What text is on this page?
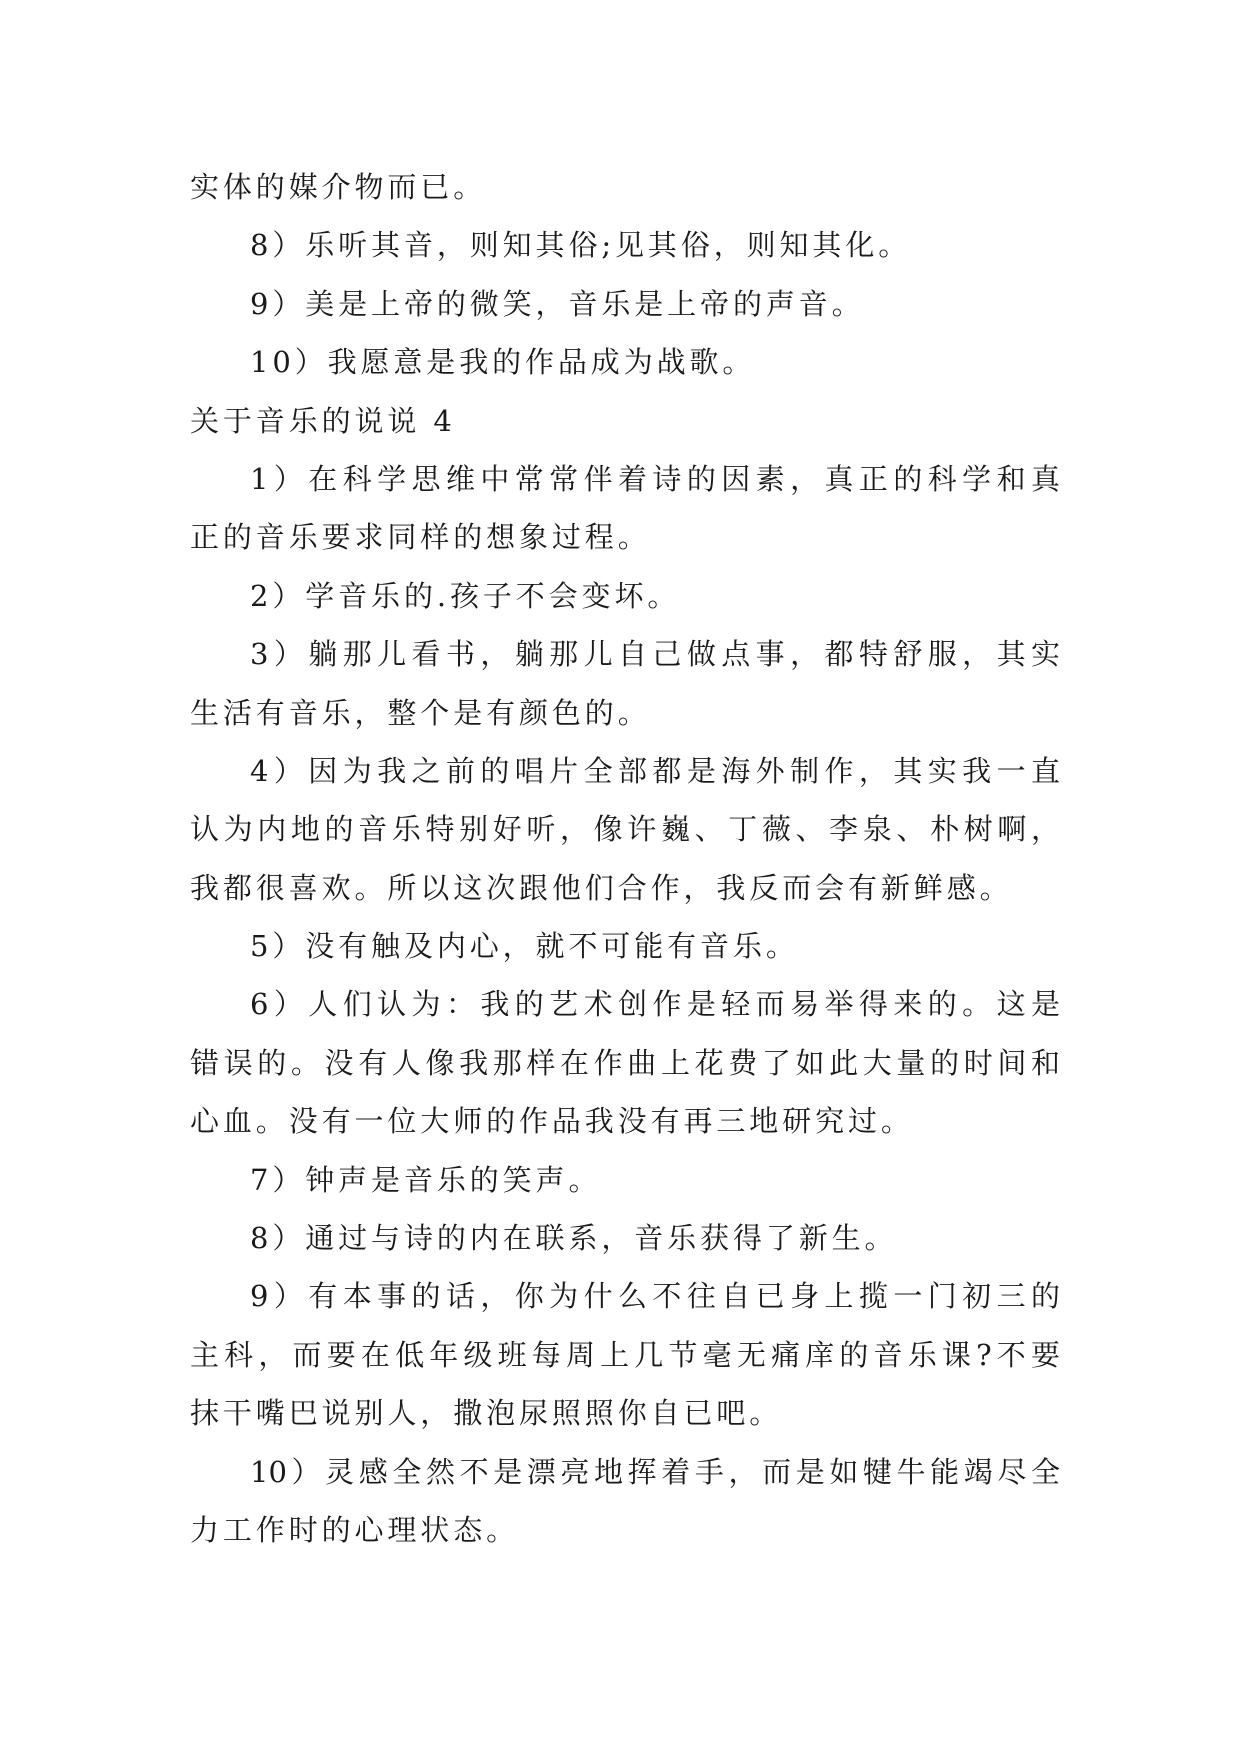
实体的媒介物而已。

8）乐听其音，则知其俗;见其俗，则知其化。

9）美是上帝的微笑，音乐是上帝的声音。

10）我愿意是我的作品成为战歌。

关于音乐的说说 4

1）在科学思维中常常伴着诗的因素，真正的科学和真

正的音乐要求同样的想象过程。

2）学音乐的.孩子不会变坏。

3）躺那儿看书，躺那儿自己做点事，都特舒服，其实

生活有音乐，整个是有颜色的。

4）因为我之前的唱片全部都是海外制作，其实我一直

认为内地的音乐特别好听，像许巍、丁薇、李泉、朴树啊，

我都很喜欢。所以这次跟他们合作，我反而会有新鲜感。

5）没有触及内心，就不可能有音乐。

6）人们认为：我的艺术创作是轻而易举得来的。这是

错误的。没有人像我那样在作曲上花费了如此大量的时间和

心血。没有一位大师的作品我没有再三地研究过。

7）钟声是音乐的笑声。

8）通过与诗的内在联系，音乐获得了新生。

9）有本事的话，你为什么不往自已身上揽一门初三的

主科，而要在低年级班每周上几节毫无痛庠的音乐课?不要

抹干嘴巴说别人，撒泡尿照照你自已吧。

10）灵感全然不是漂亮地挥着手，而是如犍牛能竭尽全

力工作时的心理状态。
